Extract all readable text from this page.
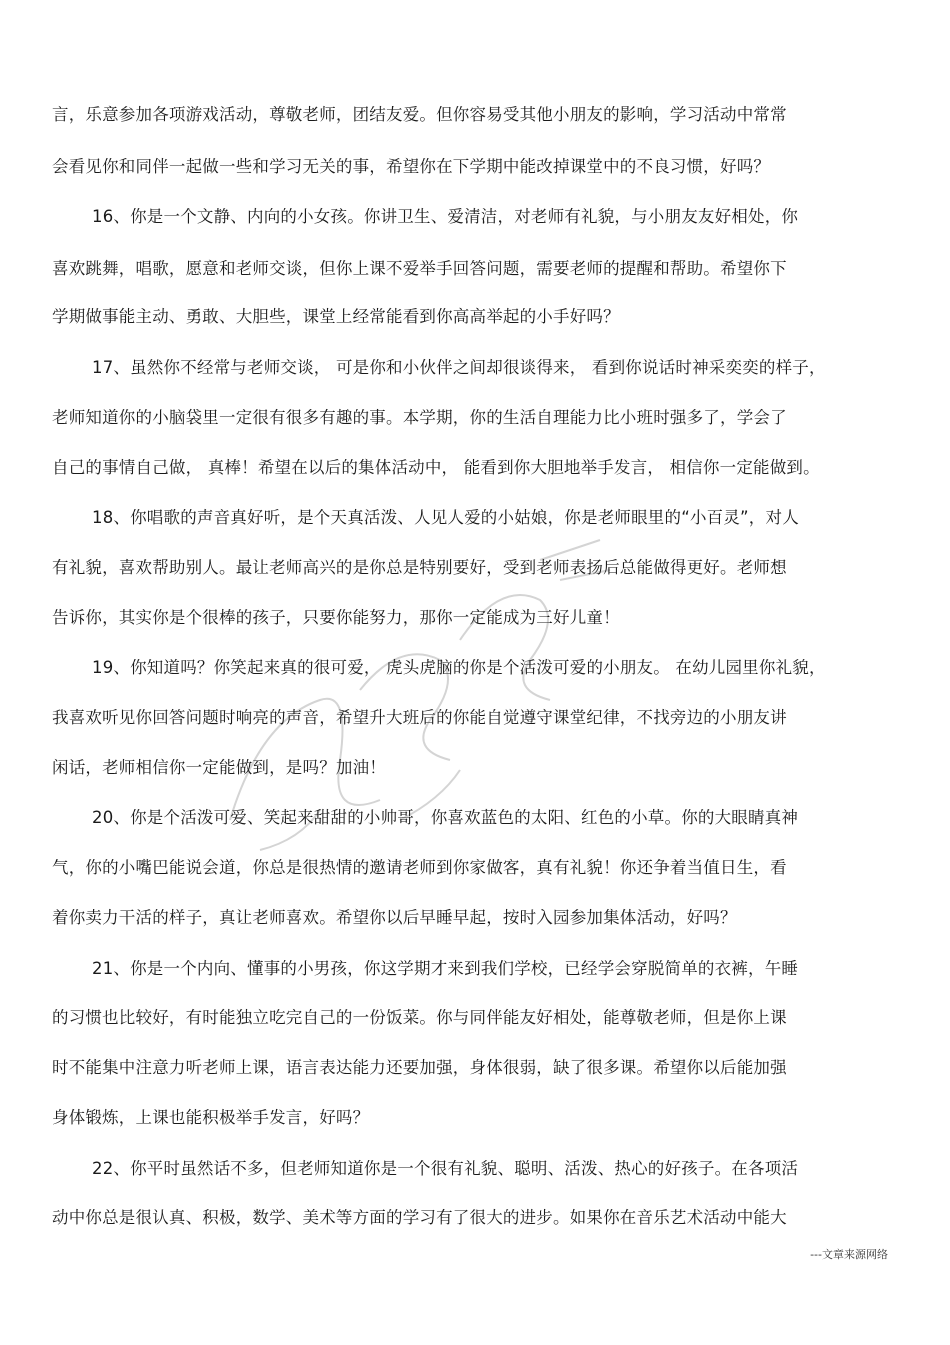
言，乐意参加各项游戏活动，尊敬老师，团结友爱。但你容易受其他小朋友的影响，学习活动中常常
会看见你和同伴一起做一些和学习无关的事，希望你在下学期中能改掉课堂中的不良习惯，好吗？
16、你是一个文静、内向的小女孩。你讲卫生、爱清洁，对老师有礼貌，与小朋友友好相处，你
喜欢跳舞，唱歌，愿意和老师交谈，但你上课不爱举手回答问题，需要老师的提醒和帮助。希望你下
学期做事能主动、勇敢、大胆些，课堂上经常能看到你高高举起的小手好吗？
17、虽然你不经常与老师交谈， 可是你和小伙伴之间却很谈得来， 看到你说话时神采奕奕的样子，
老师知道你的小脑袋里一定很有很多有趣的事。本学期，你的生活自理能力比小班时强多了，学会了
自己的事情自己做， 真棒！希望在以后的集体活动中， 能看到你大胆地举手发言， 相信你一定能做到。
18、你唱歌的声音真好听，是个天真活泼、人见人爱的小姑娘，你是老师眼里的“小百灵”，对人
有礼貌，喜欢帮助别人。最让老师高兴的是你总是特别要好，受到老师表扬后总能做得更好。老师想
告诉你，其实你是个很棒的孩子，只要你能努力，那你一定能成为三好儿童！
19、你知道吗？你笑起来真的很可爱， 虎头虎脑的你是个活泼可爱的小朋友。 在幼儿园里你礼貌，
我喜欢听见你回答问题时响亮的声音，希望升大班后的你能自觉遵守课堂纪律，不找旁边的小朋友讲
闲话，老师相信你一定能做到，是吗？加油！
20、你是个活泼可爱、笑起来甜甜的小帅哥，你喜欢蓝色的太阳、红色的小草。你的大眼睛真神
气，你的小嘴巴能说会道，你总是很热情的邀请老师到你家做客，真有礼貌！你还争着当值日生，看
着你卖力干活的样子，真让老师喜欢。希望你以后早睡早起，按时入园参加集体活动，好吗？
21、你是一个内向、懂事的小男孩，你这学期才来到我们学校，已经学会穿脱简单的衣裤，午睡
的习惯也比较好，有时能独立吃完自己的一份饭菜。你与同伴能友好相处，能尊敬老师，但是你上课
时不能集中注意力听老师上课，语言表达能力还要加强，身体很弱，缺了很多课。希望你以后能加强
身体锻炼，上课也能积极举手发言，好吗？
22、你平时虽然话不多，但老师知道你是一个很有礼貌、聪明、活泼、热心的好孩子。在各项活
动中你总是很认真、积极，数学、美术等方面的学习有了很大的进步。如果你在音乐艺术活动中能大
---文章来源网络
